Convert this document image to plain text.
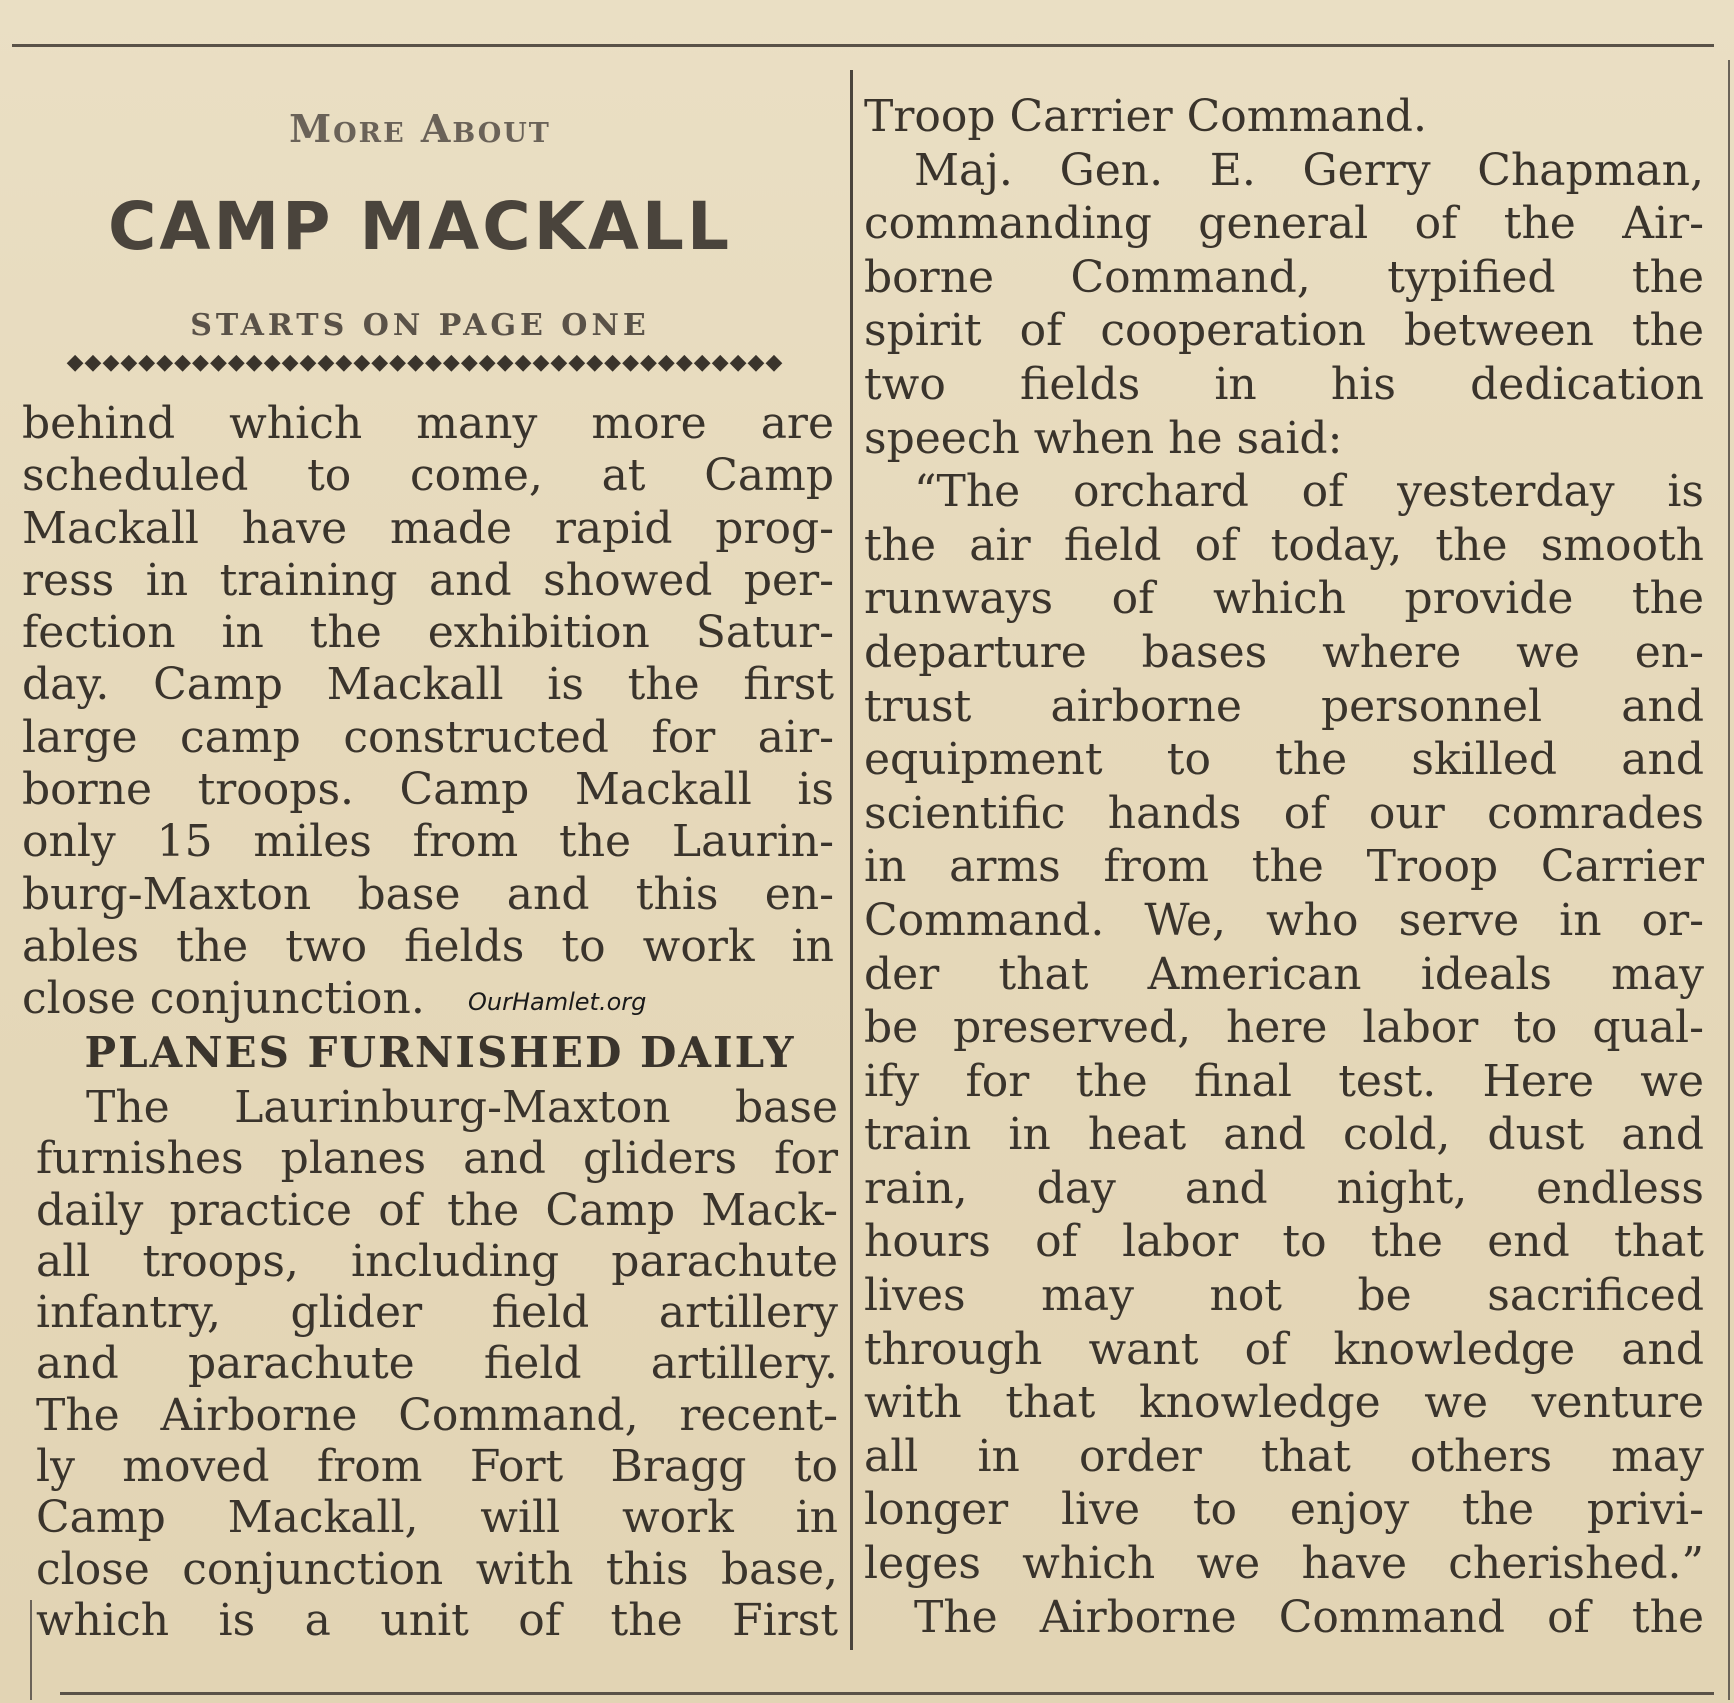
More About
CAMP MACKALL
STARTS ON PAGE ONE
◆◆◆◆◆◆◆◆◆◆◆◆◆◆◆◆◆◆◆◆◆◆◆◆◆◆◆◆◆◆◆◆◆◆◆◆◆◆◆◆
behind which many more are
scheduled to come, at Camp
Mackall have made rapid prog-
ress in training and showed per-
fection in the exhibition Satur-
day. Camp Mackall is the first
large camp constructed for air-
borne troops. Camp Mackall is
only 15 miles from the Laurin-
burg-Maxton base and this en-
ables the two fields to work in
close conjunction.	OurHamlet.org
PLANES FURNISHED DAILY
The Laurinburg-Maxton base
furnishes planes and gliders for
daily practice of the Camp Mack-
all troops, including parachute
infantry, glider field artillery
and parachute field artillery.
The Airborne Command, recent-
ly moved from Fort Bragg to
Camp Mackall, will work in
close conjunction with this base,
which is a unit of the First
Troop Carrier Command.
Maj. Gen. E. Gerry Chapman,
commanding general of the Air-
borne Command, typified the
spirit of cooperation between the
two fields in his dedication
speech when he said:
“The orchard of yesterday is
the air field of today, the smooth
runways of which provide the
departure bases where we en-
trust airborne personnel and
equipment to the skilled and
scientific hands of our comrades
in arms from the Troop Carrier
Command. We, who serve in or-
der that American ideals may
be preserved, here labor to qual-
ify for the final test. Here we
train in heat and cold, dust and
rain, day and night, endless
hours of labor to the end that
lives may not be sacrificed
through want of knowledge and
with that knowledge we venture
all in order that others may
longer live to enjoy the privi-
leges which we have cherished.”
The Airborne Command of the
